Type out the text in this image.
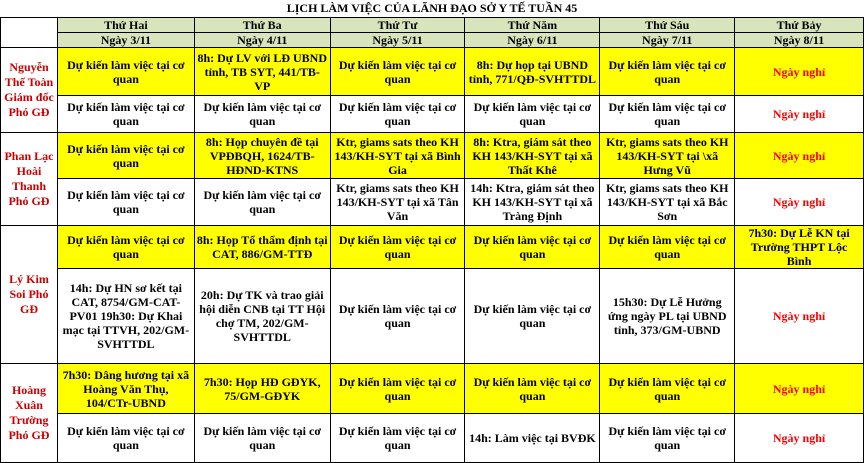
LỊCH LÀM VIỆC CỦA LÃNH ĐẠO SỞ Y TẾ TUẦN 45
	Thứ Hai	Thứ Ba	Thứ Tư	Thứ Năm	Thứ Sáu	Thứ Bảy
	Ngày 3/11	Ngày 4/11	Ngày 5/11	Ngày 6/11	Ngày 7/11	Ngày 8/11
Nguyễn Thế Toàn Giám đốc Phó GĐ	Dự kiến làm việc tại cơ quan	8h: Dự LV với LĐ UBND tỉnh, TB SYT, 441/TB-VP	Dự kiến làm việc tại cơ quan	8h: Dự họp tại UBND tỉnh, 771/QĐ-SVHTTDL	Dự kiến làm việc tại cơ quan	Ngày nghỉ
	Dự kiến làm việc tại cơ quan	Dự kiến làm việc tại cơ quan	Dự kiến làm việc tại cơ quan	Dự kiến làm việc tại cơ quan	Dự kiến làm việc tại cơ quan	Ngày nghỉ
Phan Lạc Hoài Thanh Phó GĐ	Dự kiến làm việc tại cơ quan	8h: Họp chuyên đề tại VPĐBQH, 1624/TB-HĐND-KTNS	Ktr, giams sats theo KH 143/KH-SYT tại xã Bình Gia	8h: Ktra, giám sát theo KH 143/KH-SYT tại xã Thất Khê	Ktr, giams sats theo KH 143/KH-SYT tại \xã Hưng Vũ	Ngày nghỉ
	Dự kiến làm việc tại cơ quan	Dự kiến làm việc tại cơ quan	Ktr, giams sats theo KH 143/KH-SYT tại xã Tân Văn	14h: Ktra, giám sát theo KH 143/KH-SYT tại xã Tràng Định	Ktr, giams sats theo KH 143/KH-SYT tại xã Bắc Sơn	Ngày nghỉ
Lý Kim Soi Phó GĐ	Dự kiến làm việc tại cơ quan	8h: Họp Tổ thẩm định tại CAT, 886/GM-TTĐ	Dự kiến làm việc tại cơ quan	Dự kiến làm việc tại cơ quan	Dự kiến làm việc tại cơ quan	7h30: Dự Lễ KN tại Trường THPT Lộc Bình
	14h: Dự HN sơ kết tại CAT, 8754/GM-CAT-PV01 19h30: Dự Khai mạc tại TTVH, 202/GM-SVHTTDL	20h: Dự TK và trao giải hội diễn CNB tại TT Hội chợ TM, 202/GM-SVHTTDL	Dự kiến làm việc tại cơ quan	Dự kiến làm việc tại cơ quan	15h30: Dự Lễ Hưởng ứng ngày PL tại UBND tỉnh, 373/GM-UBND	Ngày nghỉ
Hoàng Xuân Trường Phó GĐ	7h30: Dâng hương tại xã Hoàng Văn Thụ, 104/CTr-UBND	7h30: Họp HĐ GĐYK, 75/GM-GĐYK	Dự kiến làm việc tại cơ quan	Dự kiến làm việc tại cơ quan	Dự kiến làm việc tại cơ quan	Ngày nghỉ
	Dự kiến làm việc tại cơ quan	Dự kiến làm việc tại cơ quan	Dự kiến làm việc tại cơ quan	14h: Làm việc tại BVĐK	Dự kiến làm việc tại cơ quan	Ngày nghỉ
